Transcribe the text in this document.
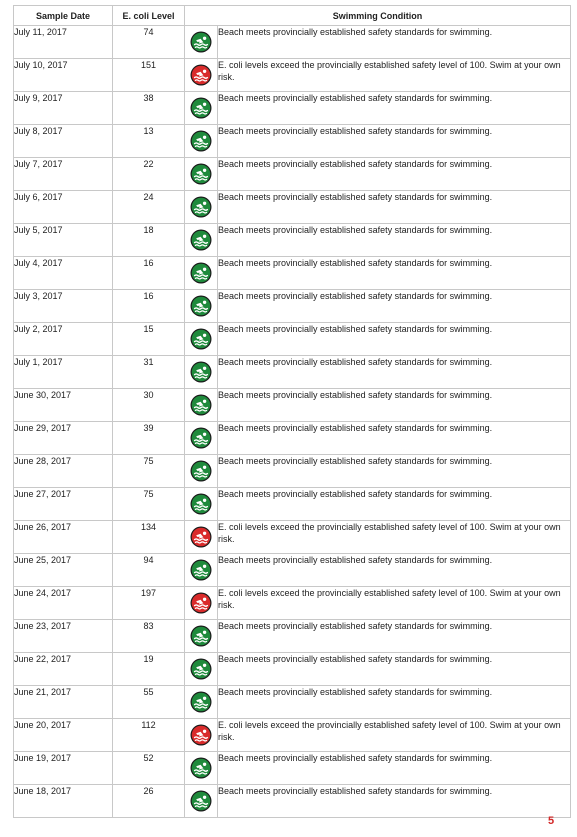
Sample Date	E. coli Level	Swimming Condition	
July 11, 2017	74		Beach meets provincially established safety standards for swimming.
July 10, 2017	151		E. coli levels exceed the provincially established safety level of 100. Swim at your own risk.
July 9, 2017	38		Beach meets provincially established safety standards for swimming.
July 8, 2017	13		Beach meets provincially established safety standards for swimming.
July 7, 2017	22		Beach meets provincially established safety standards for swimming.
July 6, 2017	24		Beach meets provincially established safety standards for swimming.
July 5, 2017	18		Beach meets provincially established safety standards for swimming.
July 4, 2017	16		Beach meets provincially established safety standards for swimming.
July 3, 2017	16		Beach meets provincially established safety standards for swimming.
July 2, 2017	15		Beach meets provincially established safety standards for swimming.
July 1, 2017	31		Beach meets provincially established safety standards for swimming.
June 30, 2017	30		Beach meets provincially established safety standards for swimming.
June 29, 2017	39		Beach meets provincially established safety standards for swimming.
June 28, 2017	75		Beach meets provincially established safety standards for swimming.
June 27, 2017	75		Beach meets provincially established safety standards for swimming.
June 26, 2017	134		E. coli levels exceed the provincially established safety level of 100. Swim at your own risk.
June 25, 2017	94		Beach meets provincially established safety standards for swimming.
June 24, 2017	197		E. coli levels exceed the provincially established safety level of 100. Swim at your own risk.
June 23, 2017	83		Beach meets provincially established safety standards for swimming.
June 22, 2017	19		Beach meets provincially established safety standards for swimming.
June 21, 2017	55		Beach meets provincially established safety standards for swimming.
June 20, 2017	112		E. coli levels exceed the provincially established safety level of 100. Swim at your own risk.
June 19, 2017	52		Beach meets provincially established safety standards for swimming.
June 18, 2017	26		Beach meets provincially established safety standards for swimming.
5
